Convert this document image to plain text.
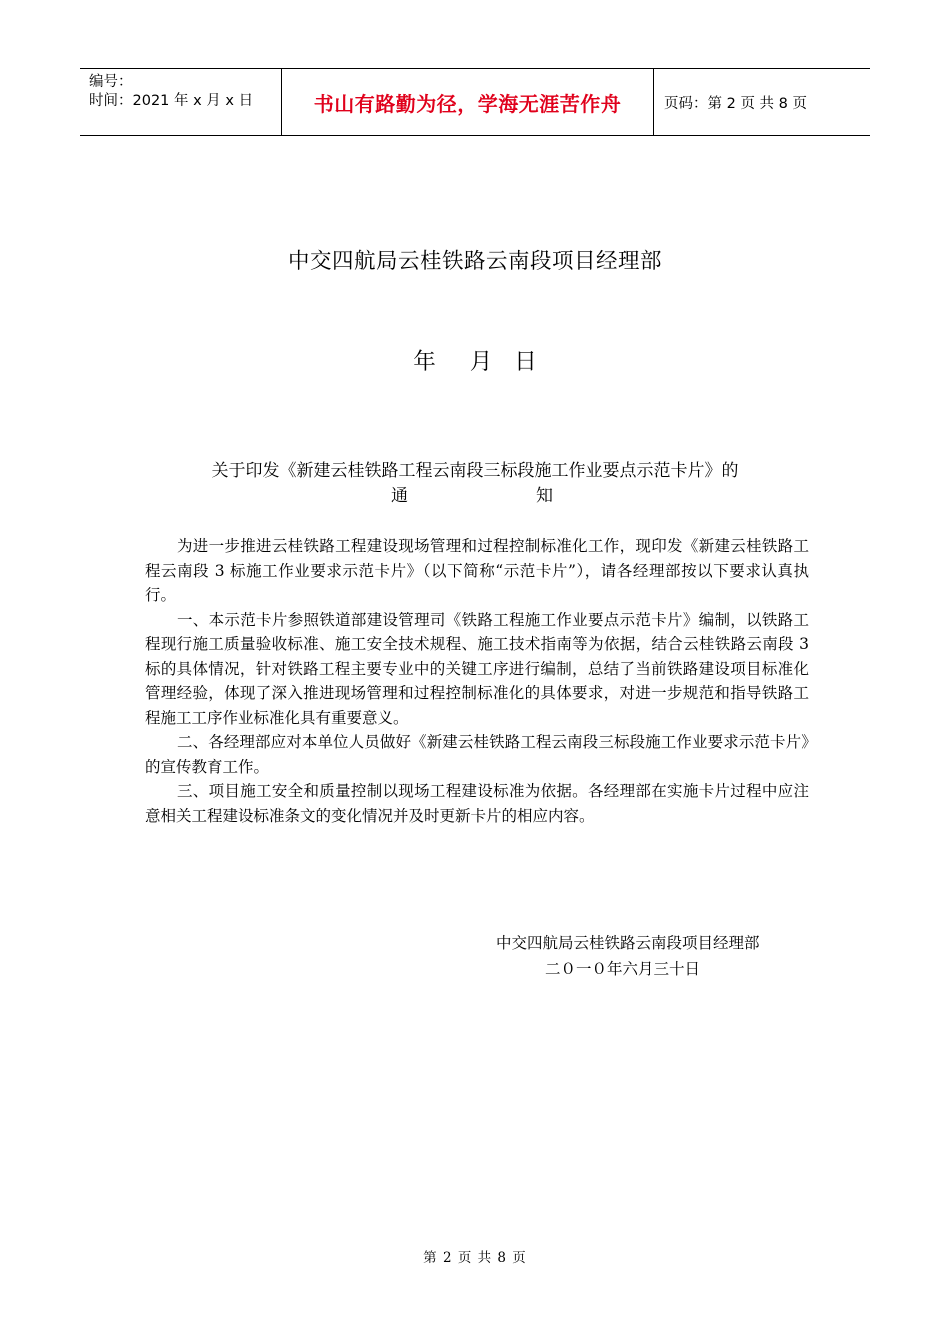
编号：
时间：2021 年 x 月 x 日	书山有路勤为径，学海无涯苦作舟	页码：第 2 页 共 8 页
中交四航局云桂铁路云南段项目经理部
年 月 日
关于印发《新建云桂铁路工程云南段三标段施工作业要点示范卡片》的
通	知

为进一步推进云桂铁路工程建设现场管理和过程控制标准化工作，现印发《新建云桂铁路工程云南段 3 标施工作业要求示范卡片》（以下简称“示范卡片”），请各经理部按以下要求认真执行。

一、本示范卡片参照铁道部建设管理司《铁路工程施工作业要点示范卡片》编制，以铁路工程现行施工质量验收标准、施工安全技术规程、施工技术指南等为依据，结合云桂铁路云南段 3 标的具体情况，针对铁路工程主要专业中的关键工序进行编制，总结了当前铁路建设项目标准化管理经验，体现了深入推进现场管理和过程控制标准化的具体要求，对进一步规范和指导铁路工程施工工序作业标准化具有重要意义。

二、各经理部应对本单位人员做好《新建云桂铁路工程云南段三标段施工作业要求示范卡片》的宣传教育工作。

三、项目施工安全和质量控制以现场工程建设标准为依据。各经理部在实施卡片过程中应注意相关工程建设标准条文的变化情况并及时更新卡片的相应内容。

中交四航局云桂铁路云南段项目经理部
二０一０年六月三十日
第 2 页 共 8 页
